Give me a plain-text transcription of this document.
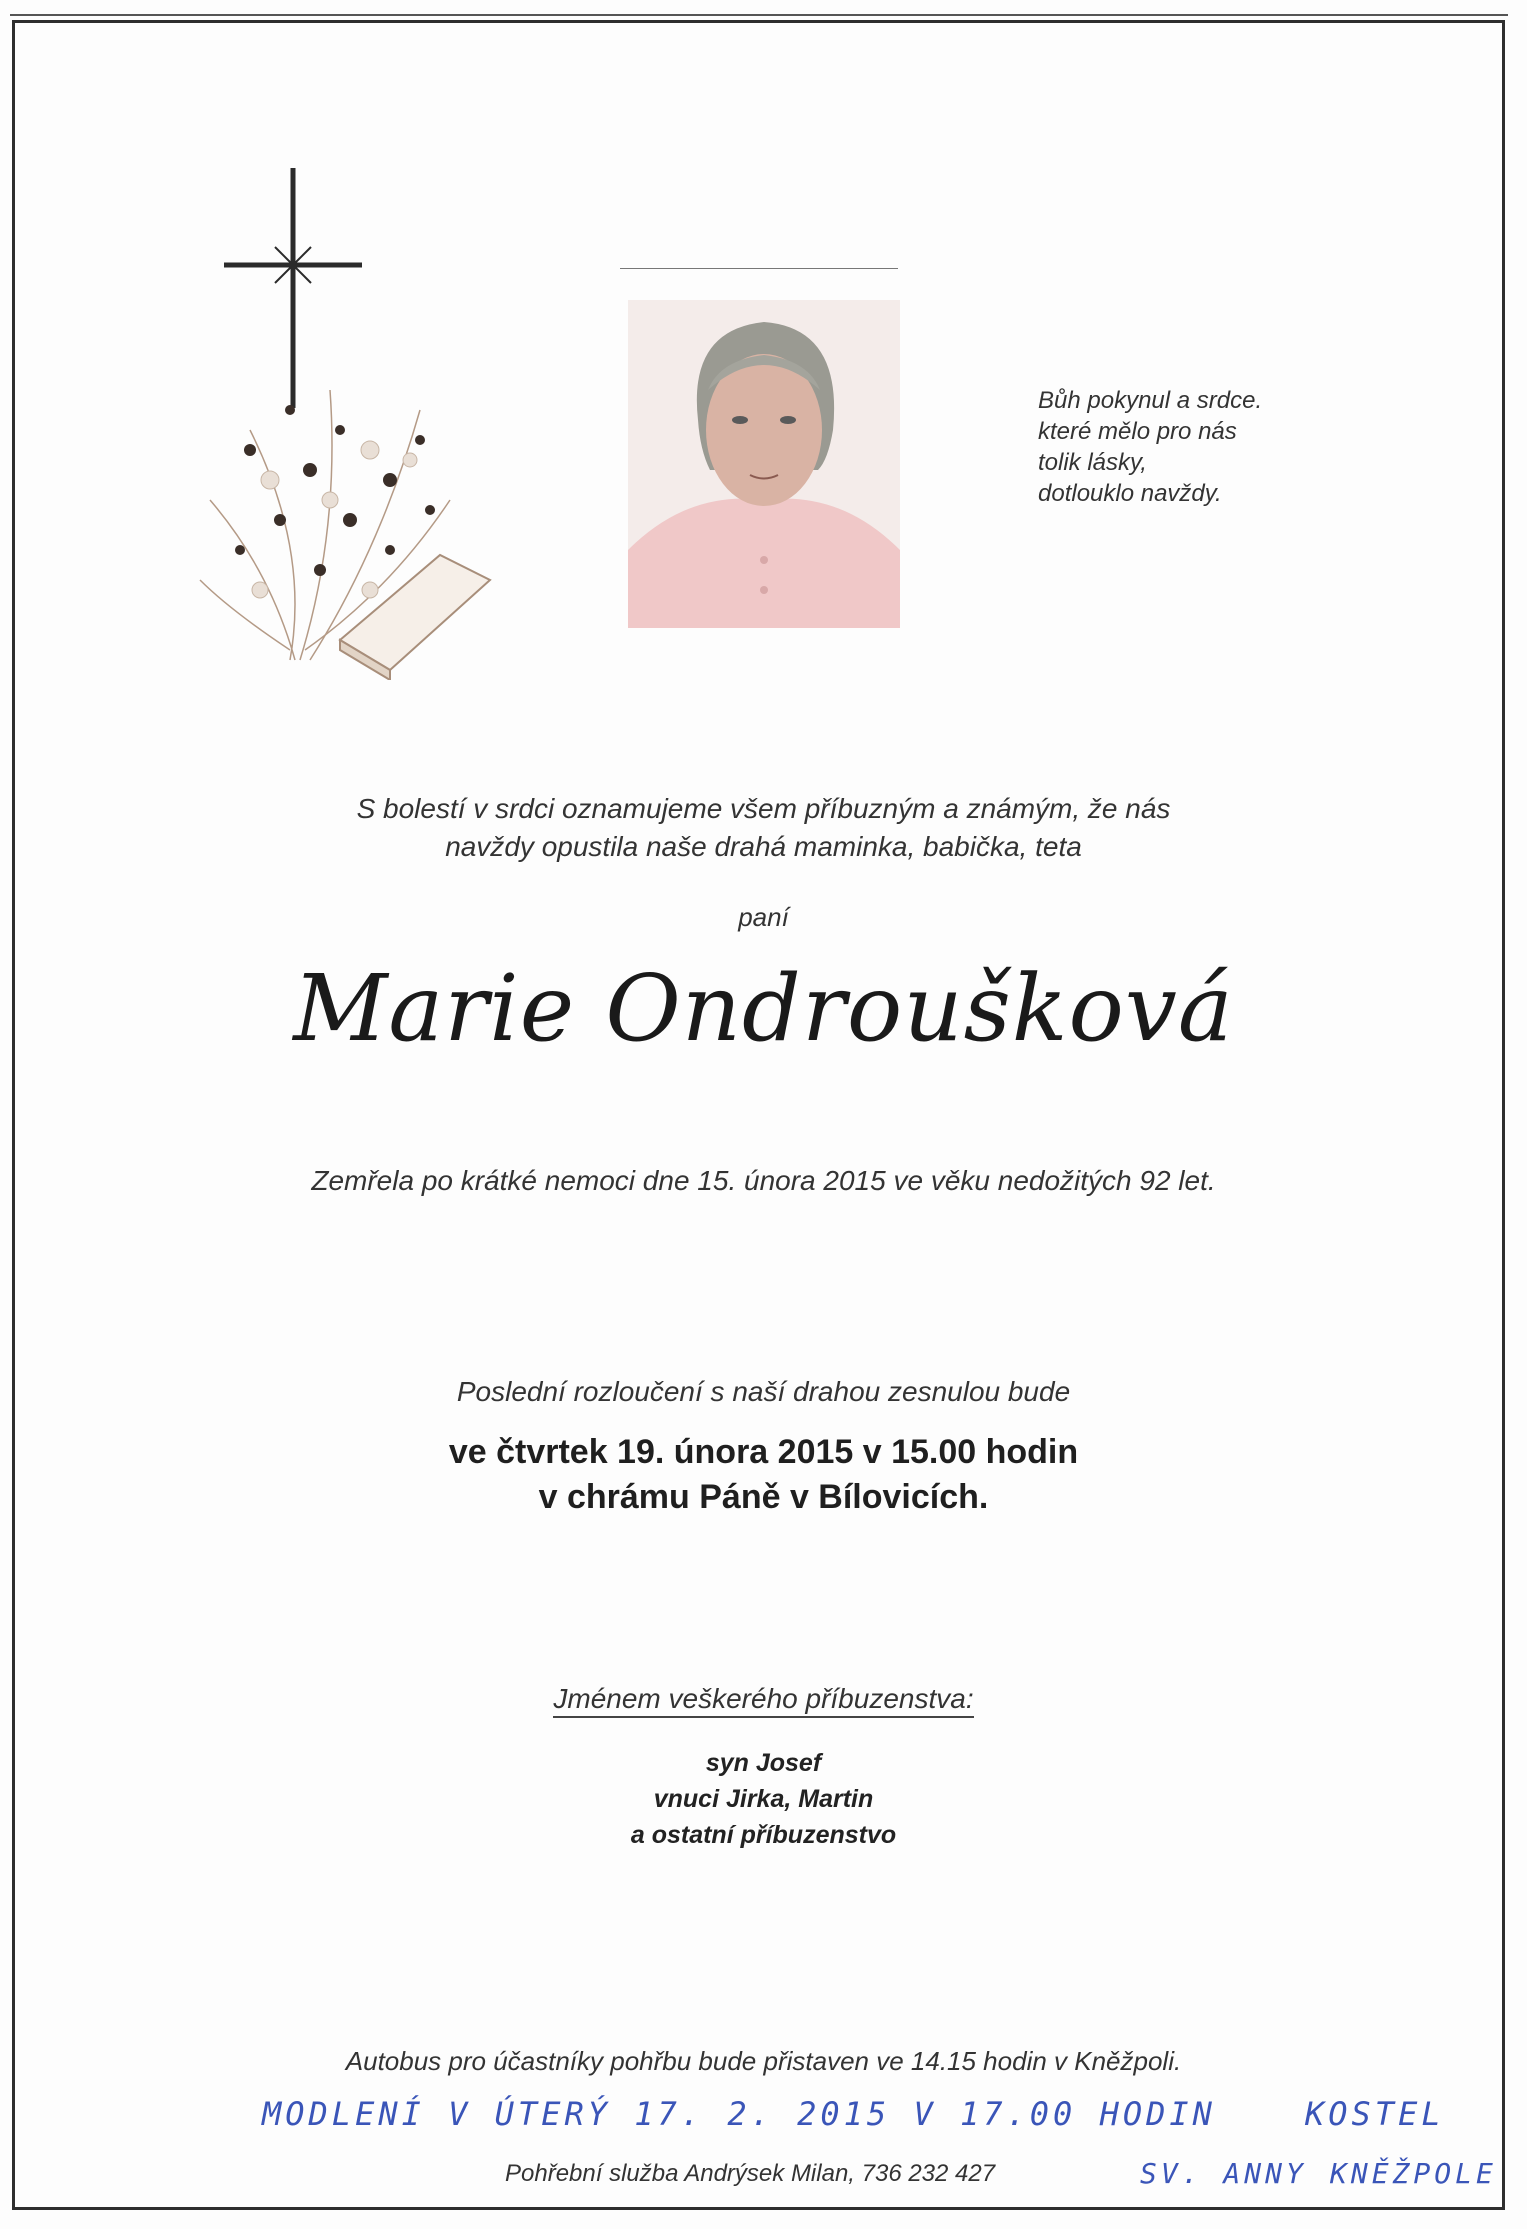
Bůh pokynul a srdce.
které mělo pro nás
tolik lásky,
dotlouklo navždy.
S bolestí v srdci oznamujeme všem příbuzným a známým, že nás
navždy opustila naše drahá maminka, babička, teta
paní
Marie Ondroušková
Zemřela po krátké nemoci dne 15. února 2015 ve věku nedožitých 92 let.
Poslední rozloučení s naší drahou zesnulou bude
ve čtvrtek 19. února 2015 v 15.00 hodin
v chrámu Páně v Bílovicích.
Jménem veškerého příbuzenstva:
syn Josef
vnuci Jirka, Martin
a ostatní příbuzenstvo
Autobus pro účastníky pohřbu bude přistaven ve 14.15 hodin v Kněžpoli.
MODLENÍ V ÚTERÝ 17. 2. 2015 V 17.00 HODIN	KOSTEL
Pohřební služba Andrýsek Milan, 736 232 427	SV. ANNY KNĚŽPOLE
